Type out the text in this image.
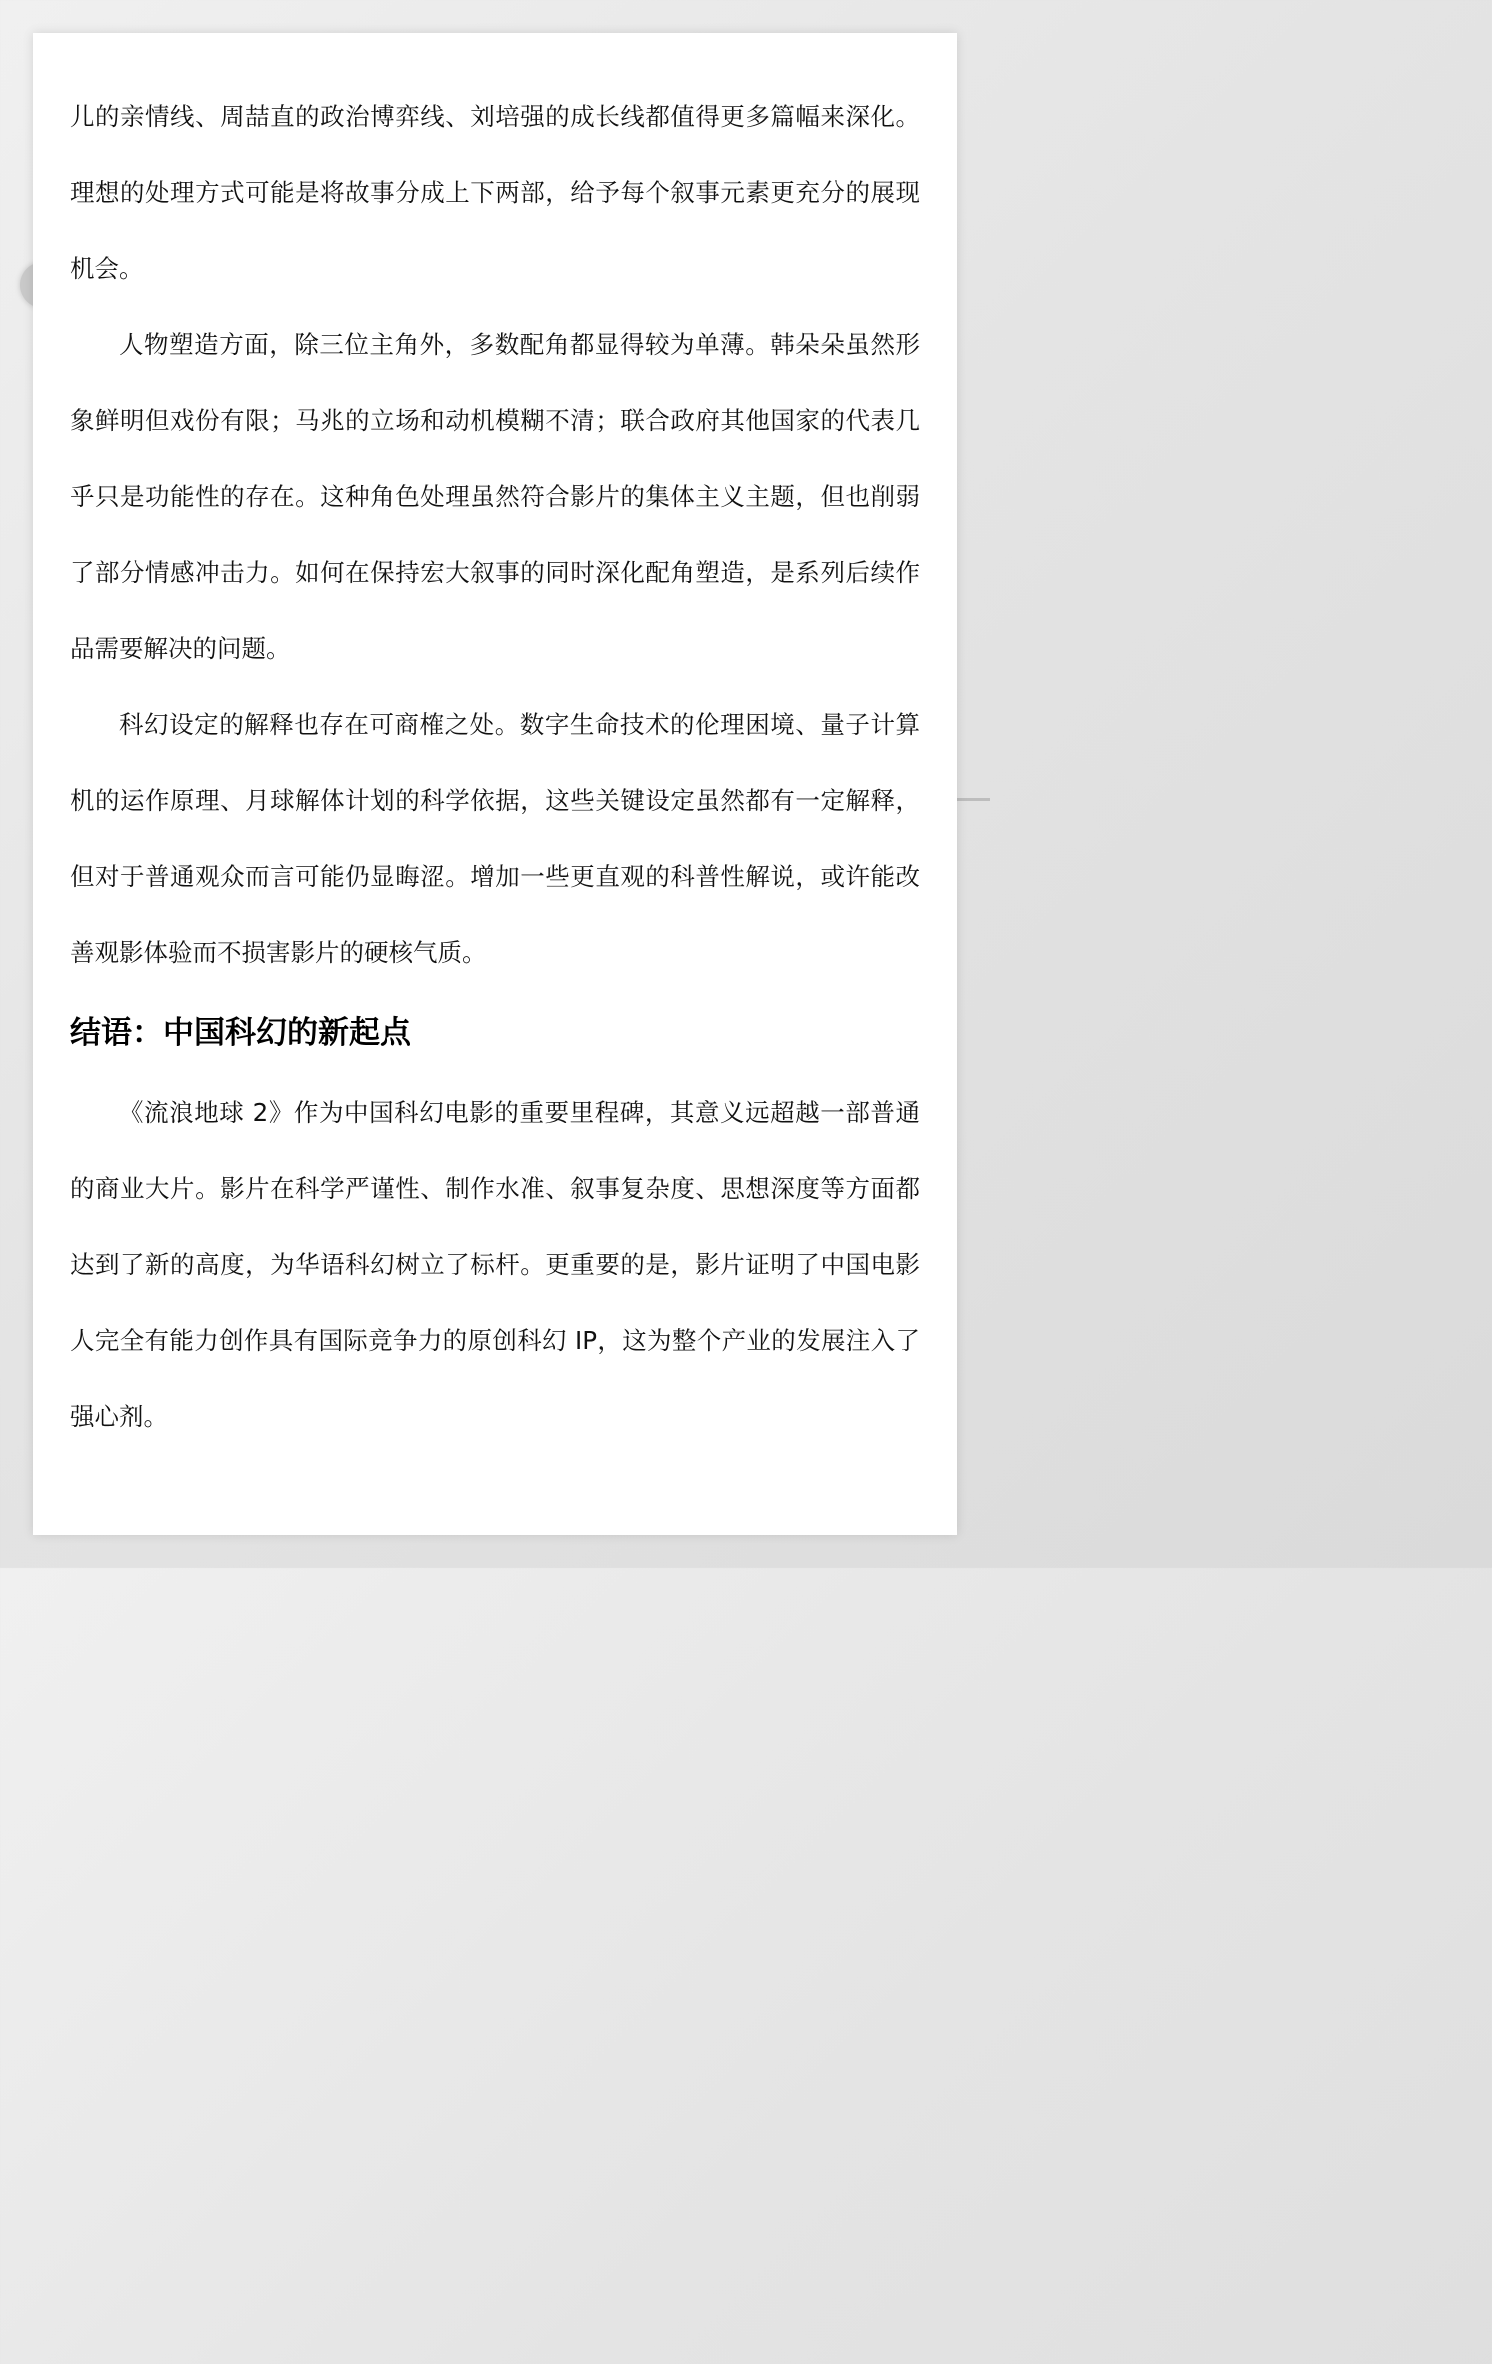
儿的亲情线、周喆直的政治博弈线、刘培强的成长线都值得更多篇幅来深化。理想的处理方式可能是将故事分成上下两部，给予每个叙事元素更充分的展现机会。

人物塑造方面，除三位主角外，多数配角都显得较为单薄。韩朵朵虽然形象鲜明但戏份有限；马兆的立场和动机模糊不清；联合政府其他国家的代表几乎只是功能性的存在。这种角色处理虽然符合影片的集体主义主题，但也削弱了部分情感冲击力。如何在保持宏大叙事的同时深化配角塑造，是系列后续作品需要解决的问题。

科幻设定的解释也存在可商榷之处。数字生命技术的伦理困境、量子计算机的运作原理、月球解体计划的科学依据，这些关键设定虽然都有一定解释，但对于普通观众而言可能仍显晦涩。增加一些更直观的科普性解说，或许能改善观影体验而不损害影片的硬核气质。

结语：中国科幻的新起点

《流浪地球 2》作为中国科幻电影的重要里程碑，其意义远超越一部普通的商业大片。影片在科学严谨性、制作水准、叙事复杂度、思想深度等方面都达到了新的高度，为华语科幻树立了标杆。更重要的是，影片证明了中国电影人完全有能力创作具有国际竞争力的原创科幻 IP，这为整个产业的发展注入了强心剂。
